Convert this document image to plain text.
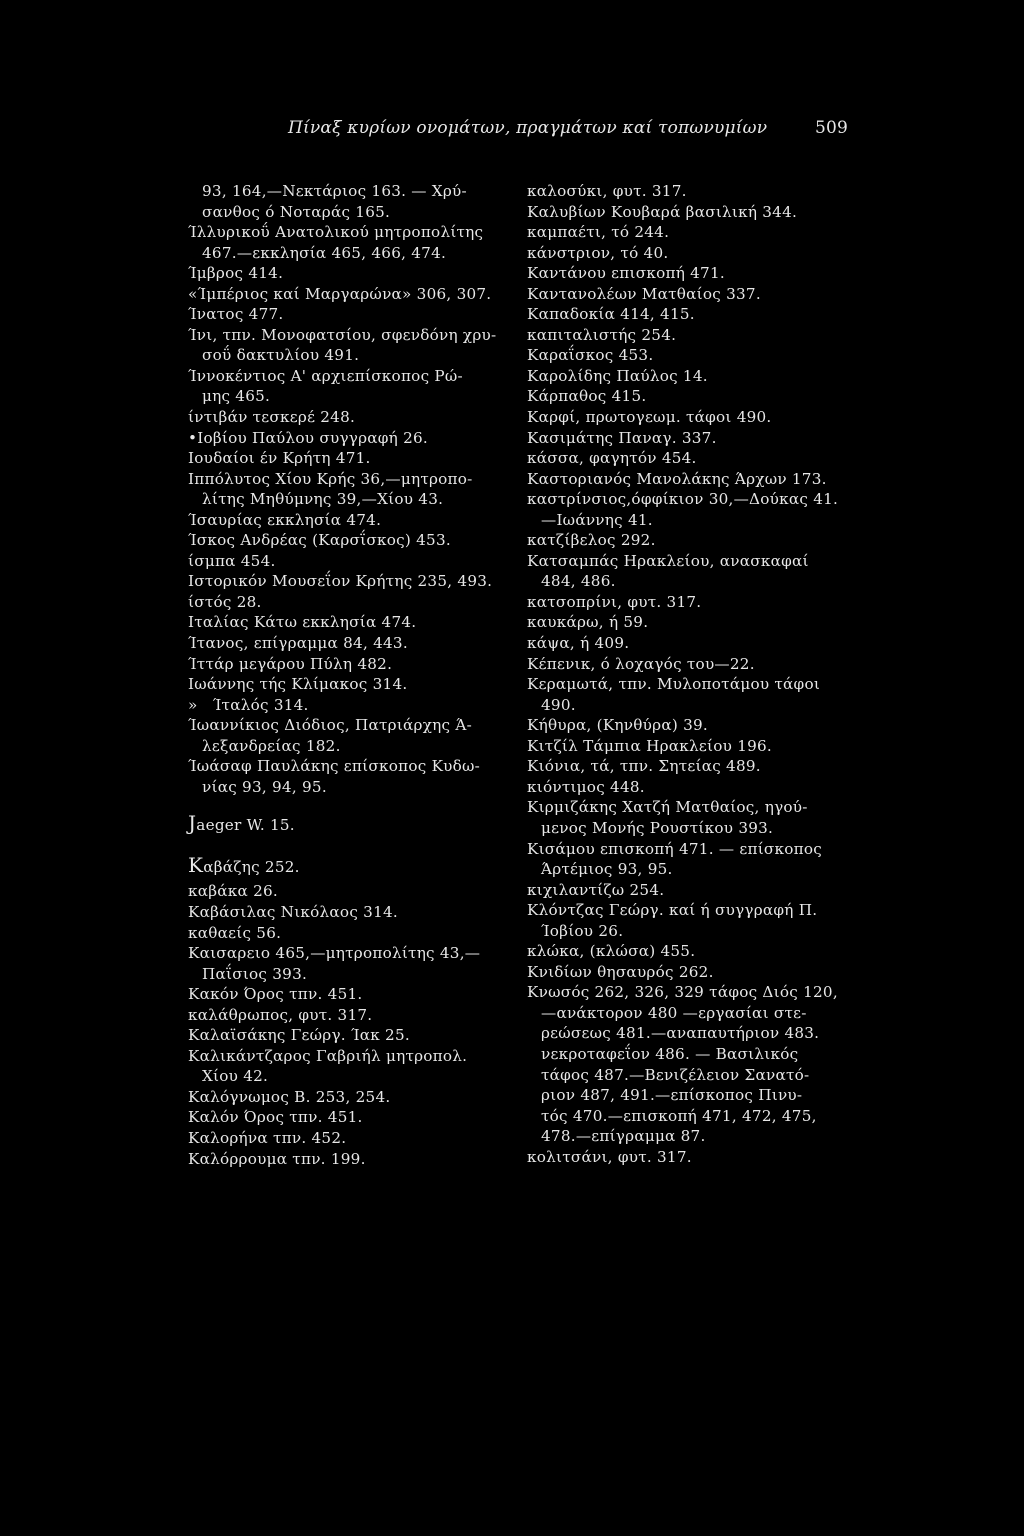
Πίναξ κυρίων ονομάτων, πραγμάτων καί τοπωνυμίων	509
93, 164,—Νεκτάριος 163. — Χρύ-
σανθος ό Νοταράς 165.
Ίλλυρικοΰ Ανατολικού μητροπολίτης
467.—εκκλησία 465, 466, 474.
Ίμβρος 414.
«Ίμπέριος καί Μαργαρώνα» 306, 307.
Ίνατος 477.
Ίνι, τπν. Μονοφατσίου, σφενδόνη χρυ-
σοΰ δακτυλίου 491.
Ίννοκέντιος Α' αρχιεπίσκοπος Ρώ-
μης 465.
ίντιβάν τεσκερέ 248.
•Ιοβίου Παύλου συγγραφή 26.
Ιουδαίοι έν Κρήτη 471.
Ιππόλυτος Χίου Κρής 36,—μητροπο-
λίτης Μηθύμνης 39,—Χίου 43.
Ίσαυρίας εκκλησία 474.
Ίσκος Ανδρέας (Καρσΐσκος) 453.
ίσμπα 454.
Ιστορικόν Μουσεΐον Κρήτης 235, 493.
ίστός 28.
Ιταλίας Κάτω εκκλησία 474.
Ίτανος, επίγραμμα 84, 443.
Ίττάρ μεγάρου Πύλη 482.
Ιωάννης τής Κλίμακος 314.
»   Ίταλός 314.
Ίωαννίκιος Διόδιος, Πατριάρχης Ά-
λεξανδρείας 182.
Ίωάσαφ Παυλάκης επίσκοπος Κυδω-
νίας 93, 94, 95.
Jaeger W. 15.
Καβάζης 252.
καβάκα 26.
Καβάσιλας Νικόλαος 314.
καθαείς 56.
Καισαρειο 465,—μητροπολίτης 43,—
Παΐσιος 393.
Κακόν Όρος τπν. 451.
καλάθρωπος, φυτ. 317.
Καλαϊσάκης Γεώργ. Ίακ 25.
Καλικάντζαρος Γαβριήλ μητροπολ.
Χίου 42.
Καλόγνωμος Β. 253, 254.
Καλόν Όρος τπν. 451.
Καλορήνα τπν. 452.
Καλόρρουμα τπν. 199.
καλοσύκι, φυτ. 317.
Καλυβίων Κουβαρά βασιλική 344.
καμπαέτι, τό 244.
κάνστριον, τό 40.
Καντάνου επισκοπή 471.
Καντανολέων Ματθαίος 337.
Καπαδοκία 414, 415.
καπιταλιστής 254.
Καραΐσκος 453.
Καρολίδης Παύλος 14.
Κάρπαθος 415.
Καρφί, πρωτογεωμ. τάφοι 490.
Κασιμάτης Παναγ. 337.
κάσσα, φαγητόν 454.
Καστοριανός Μανολάκης Άρχων 173.
καστρίνσιος,όφφίκιον 30,—Δούκας 41.
—Ιωάννης 41.
κατζίβελος 292.
Κατσαμπάς Ηρακλείου, ανασκαφαί
484, 486.
κατσοπρίνι, φυτ. 317.
καυκάρω, ή 59.
κάψα, ή 409.
Κέπενικ, ό λοχαγός του—22.
Κεραμωτά, τπν. Μυλοποτάμου τάφοι
490.
Κήθυρα, (Κηνθύρα) 39.
Κιτζίλ Τάμπια Ηρακλείου 196.
Κιόνια, τά, τπν. Σητείας 489.
κιόντιμος 448.
Κιρμιζάκης Χατζή Ματθαίος, ηγού-
μενος Μονής Ρουστίκου 393.
Κισάμου επισκοπή 471. — επίσκοπος
Άρτέμιος 93, 95.
κιχιλαντίζω 254.
Κλόντζας Γεώργ. καί ή συγγραφή Π.
Ίοβίου 26.
κλώκα, (κλώσα) 455.
Κνιδίων θησαυρός 262.
Κνωσός 262, 326, 329 τάφος Διός 120,
—ανάκτορον 480 —εργασίαι στε-
ρεώσεως 481.—αναπαυτήριον 483.
νεκροταφεΐον 486. — Βασιλικός
τάφος 487.—Βενιζέλειον Σανατό-
ριον 487, 491.—επίσκοπος Πινυ-
τός 470.—επισκοπή 471, 472, 475,
478.—επίγραμμα 87.
κολιτσάνι, φυτ. 317.
